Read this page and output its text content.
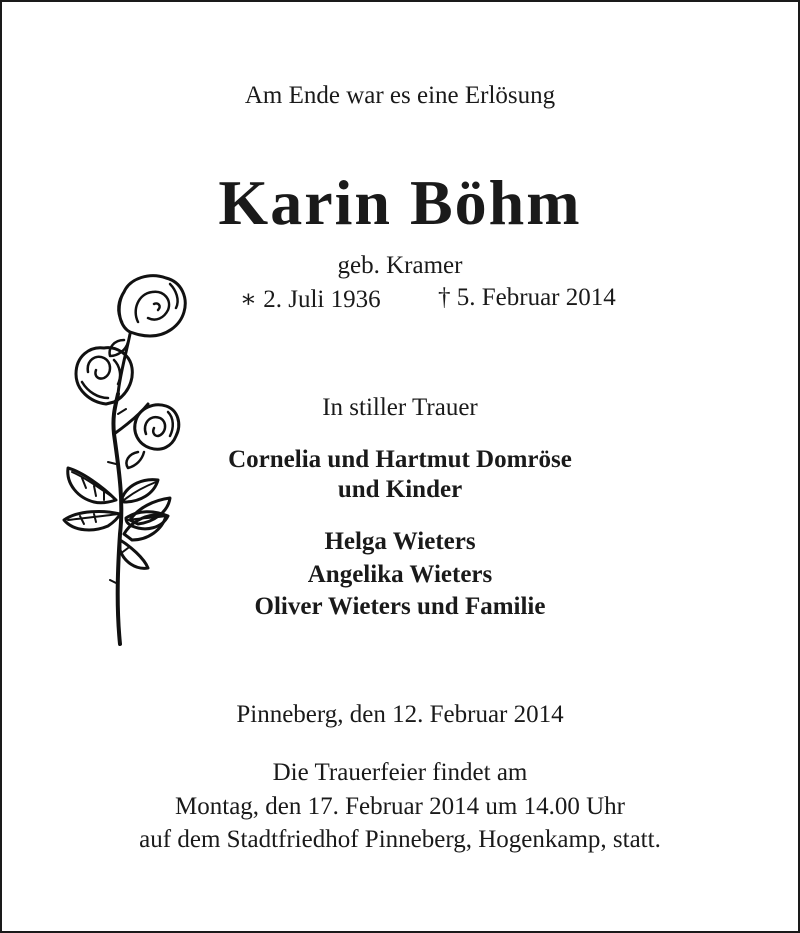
Am Ende war es eine Erlösung
Karin Böhm
geb. Kramer
∗ 2. Juli 1936 † 5. Februar 2014
In stiller Trauer
Cornelia und Hartmut Domröse
und Kinder
Helga Wieters
Angelika Wieters
Oliver Wieters und Familie
Pinneberg, den 12. Februar 2014
Die Trauerfeier findet am
Montag, den 17. Februar 2014 um 14.00 Uhr
auf dem Stadtfriedhof Pinneberg, Hogenkamp, statt.
